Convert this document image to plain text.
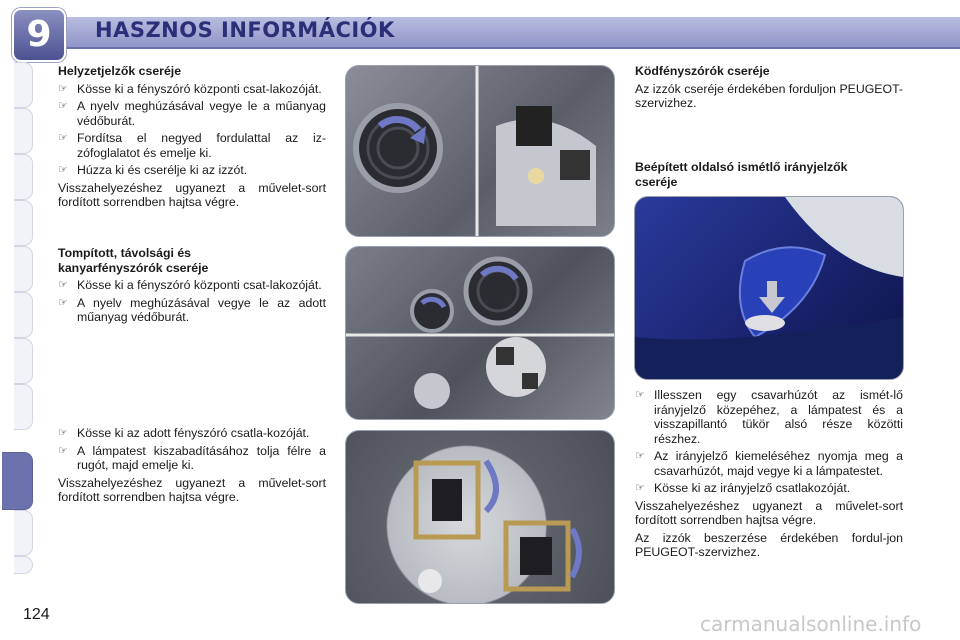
9	HASZNOS INFORMÁCIÓK
Helyzetjelzők cseréje
☞ Kösse ki a fényszóró központi csat-lakozóját.
☞ A nyelv meghúzásával vegye le a műanyag védőburát.
☞ Fordítsa el negyed fordulattal az iz-zófoglalatot és emelje ki.
☞ Húzza ki és cserélje ki az izzót.

Visszahelyezéshez ugyanezt a művelet-sort fordított sorrendben hajtsa végre.

Tompított, távolsági és
kanyarfényszórók cseréje
☞ Kösse ki a fényszóró központi csat-lakozóját.
☞ A nyelv meghúzásával vegye le az adott műanyag védőburát.
☞ Kösse ki az adott fényszóró csatla-kozóját.
☞ A lámpatest kiszabadításához tolja félre a rugót, majd emelje ki.

Visszahelyezéshez ugyanezt a művelet-sort fordított sorrendben hajtsa végre.

Ködfényszórók cseréje

Az izzók cseréje érdekében forduljon PEUGEOT-szervizhez.

Beépített oldalsó ismétlő irányjelzők
cseréje
☞ Illesszen egy csavarhúzót az ismét-lő irányjelző közepéhez, a lámpatest és a visszapillantó tükör alsó része közötti részhez.
☞ Az irányjelző kiemeléséhez nyomja meg a csavarhúzót, majd vegye ki a lámpatestet.
☞ Kösse ki az irányjelző csatlakozóját.

Visszahelyezéshez ugyanezt a művelet-sort fordított sorrendben hajtsa végre.

Az izzók beszerzése érdekében fordul-jon PEUGEOT-szervizhez.

124	carmanualsonline.info
